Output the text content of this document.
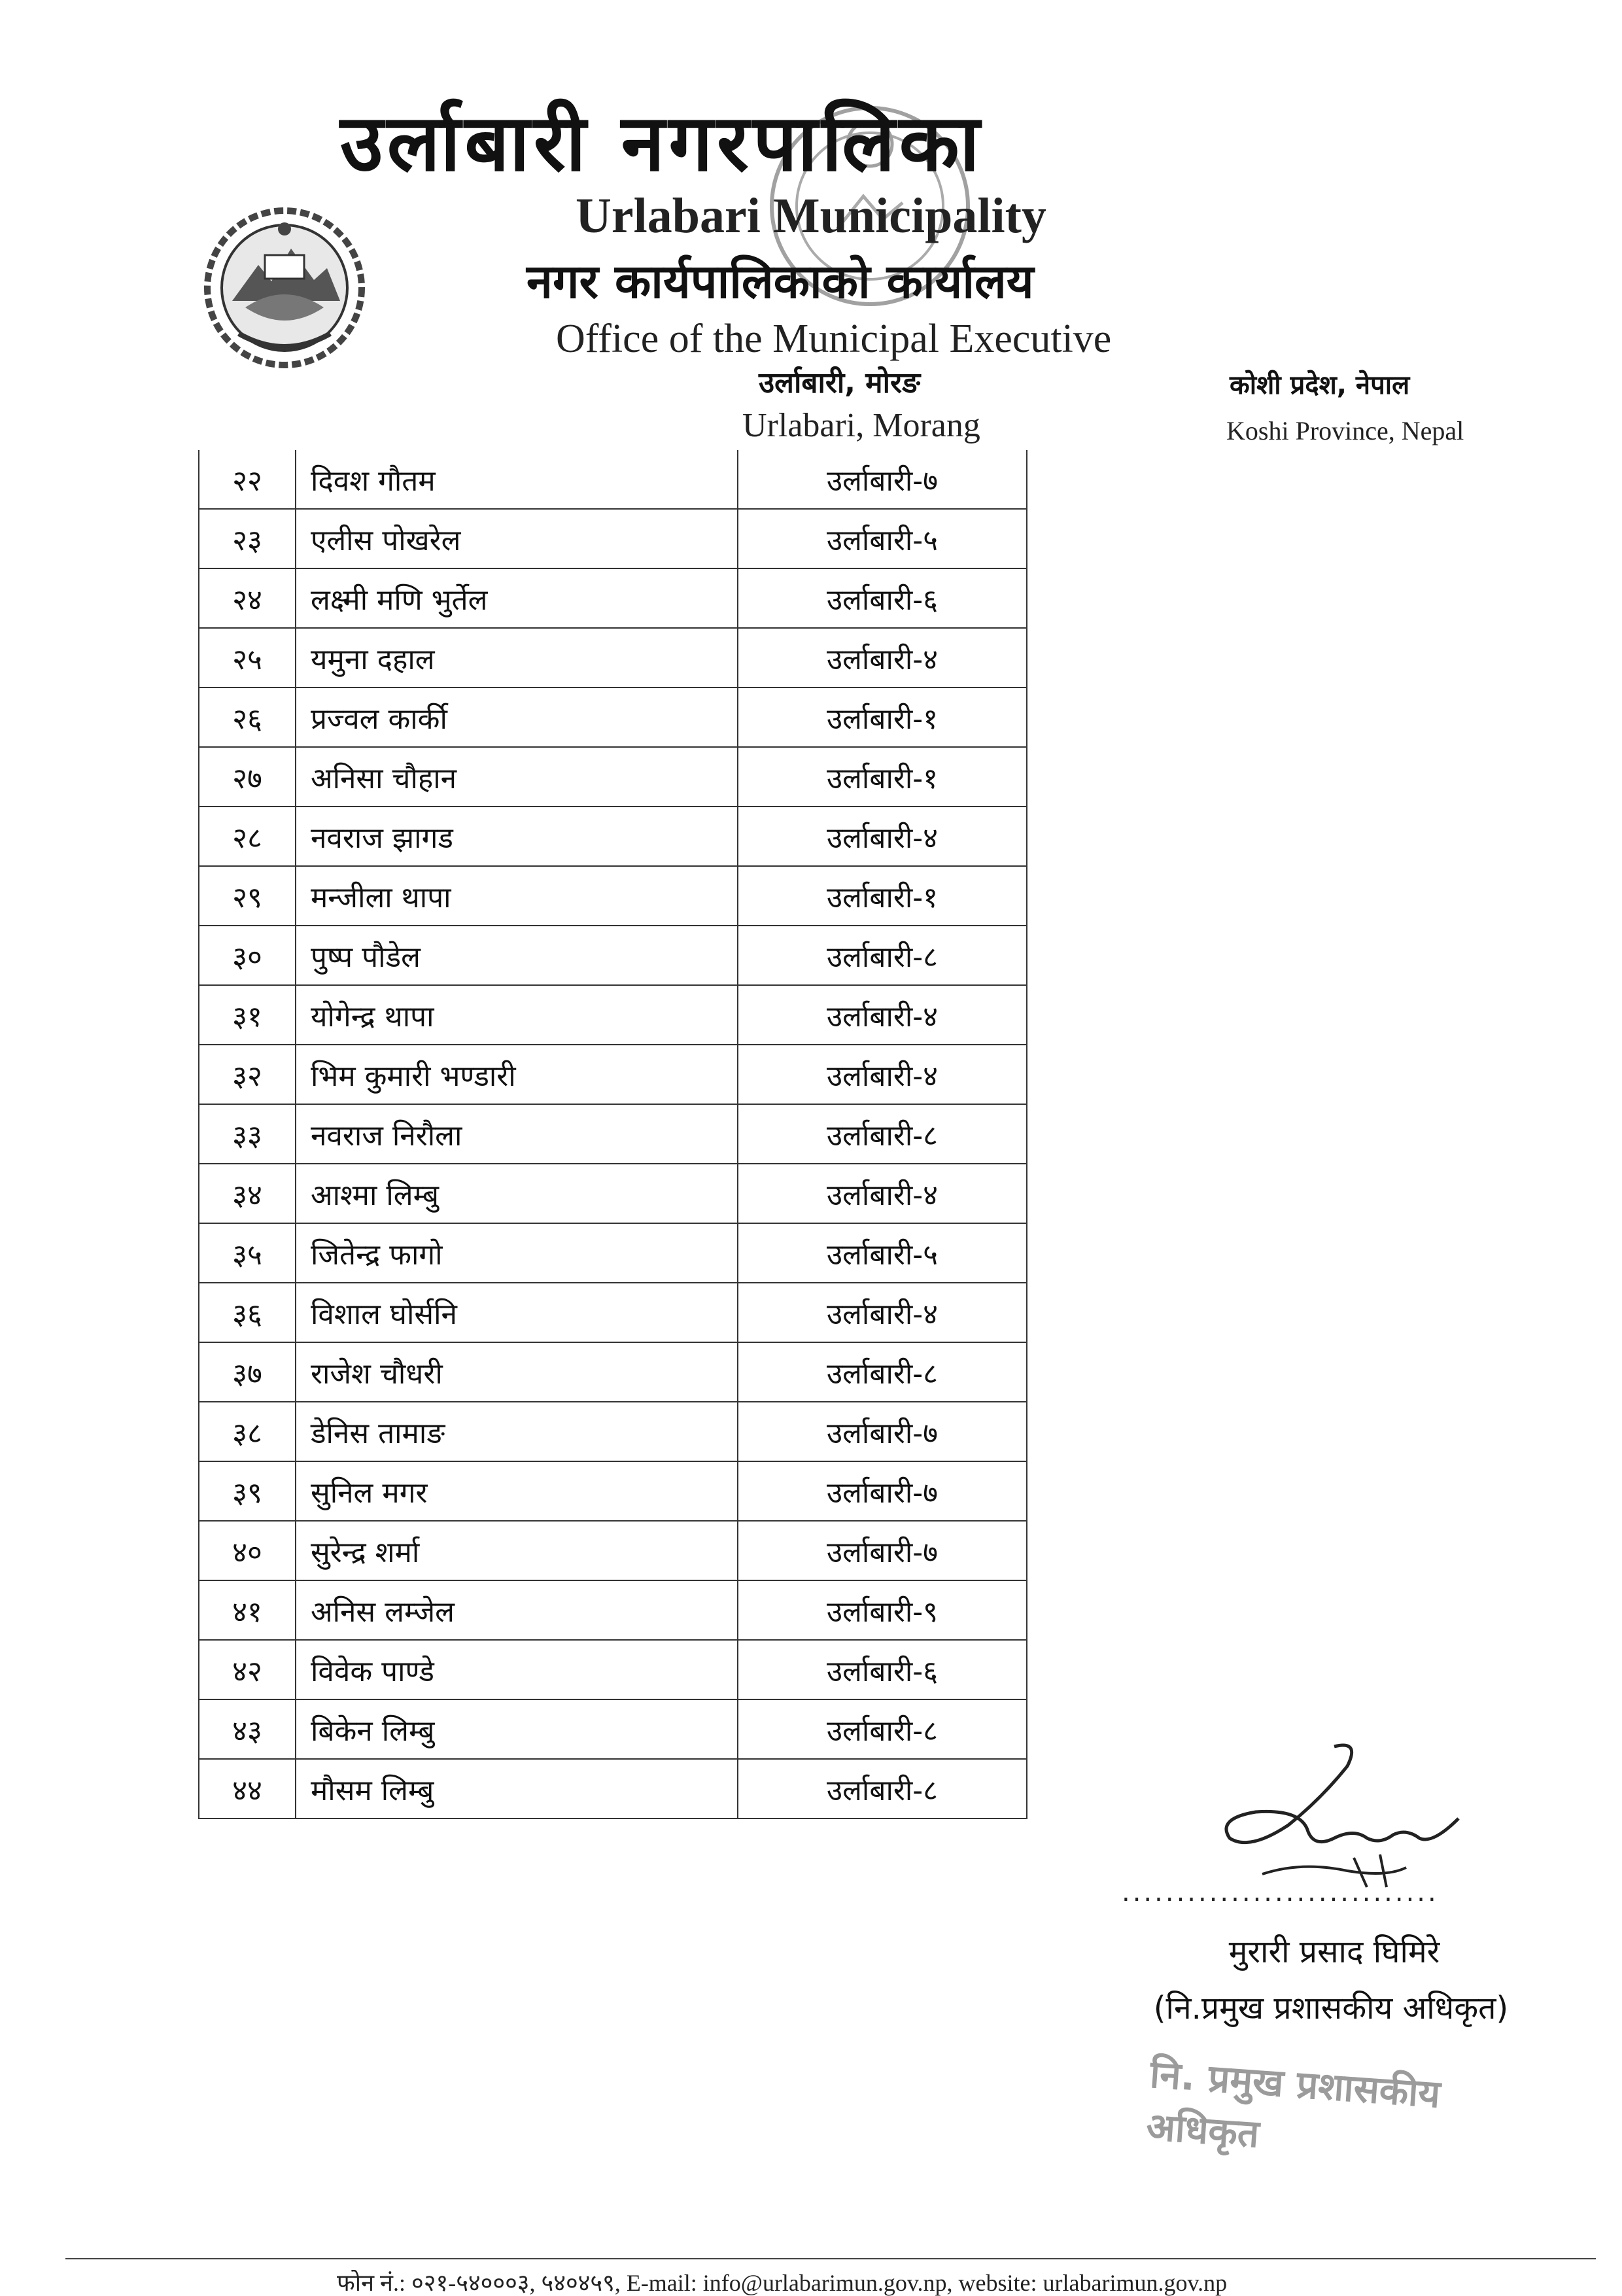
उर्लाबारी नगरपालिका
Urlabari Municipality
नगर कार्यपालिकाको कार्यालय
Office of the Municipal Executive
उर्लाबारी, मोरङ
Urlabari, Morang
कोशी प्रदेश, नेपाल
Koshi Province, Nepal
२२	दिवश गौतम	उर्लाबारी-७
२३	एलीस पोखरेल	उर्लाबारी-५
२४	लक्ष्मी मणि भुर्तेल	उर्लाबारी-६
२५	यमुना दहाल	उर्लाबारी-४
२६	प्रज्वल कार्की	उर्लाबारी-१
२७	अनिसा चौहान	उर्लाबारी-१
२८	नवराज झागड	उर्लाबारी-४
२९	मन्जीला थापा	उर्लाबारी-१
३०	पुष्प पौडेल	उर्लाबारी-८
३१	योगेन्द्र थापा	उर्लाबारी-४
३२	भिम कुमारी भण्डारी	उर्लाबारी-४
३३	नवराज निरौला	उर्लाबारी-८
३४	आश्मा लिम्बु	उर्लाबारी-४
३५	जितेन्द्र फागो	उर्लाबारी-५
३६	विशाल घोर्सनि	उर्लाबारी-४
३७	राजेश चौधरी	उर्लाबारी-८
३८	डेनिस तामाङ	उर्लाबारी-७
३९	सुनिल मगर	उर्लाबारी-७
४०	सुरेन्द्र शर्मा	उर्लाबारी-७
४१	अनिस लम्जेल	उर्लाबारी-९
४२	विवेक पाण्डे	उर्लाबारी-६
४३	बिकेन लिम्बु	उर्लाबारी-८
४४	मौसम लिम्बु	उर्लाबारी-८
.............................
मुरारी प्रसाद घिमिरे
(नि.प्रमुख प्रशासकीय अधिकृत)
नि. प्रमुख प्रशासकीय अधिकृत
फोन नं.: ०२१-५४०००३, ५४०४५९, E-mail: info@urlabarimun.gov.np, website: urlabarimun.gov.np
